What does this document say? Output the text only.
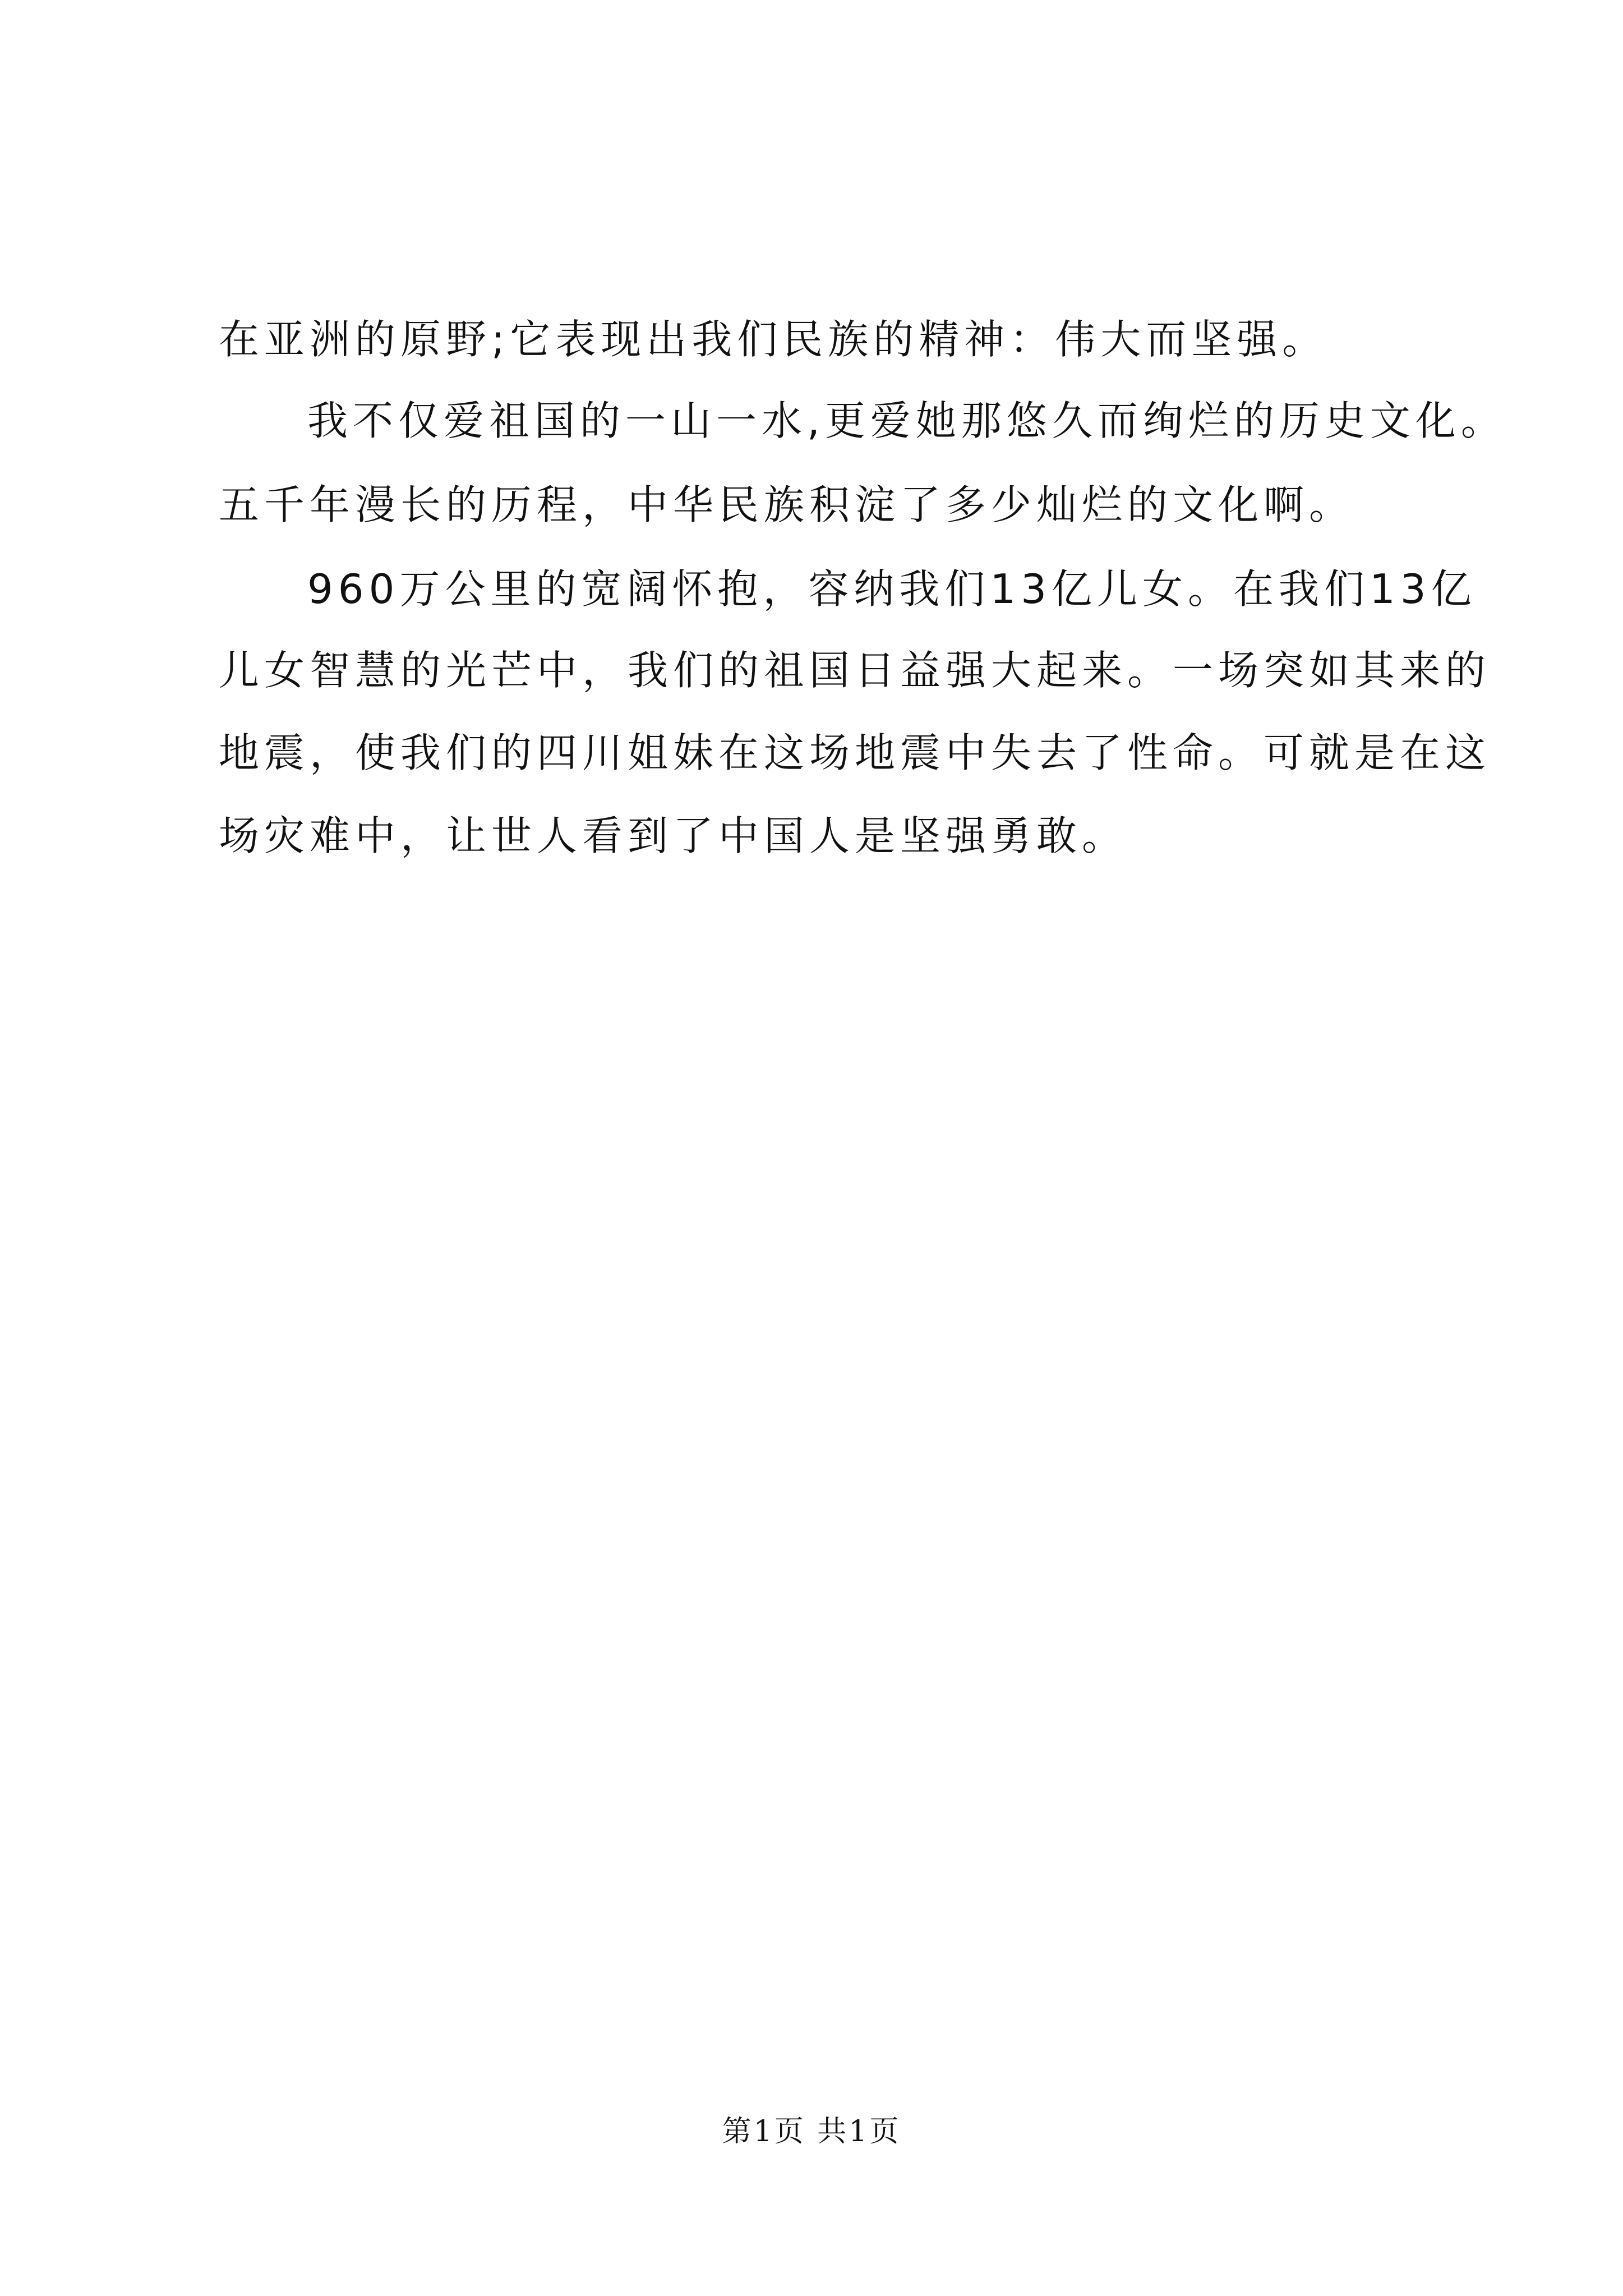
在亚洲的原野;它表现出我们民族的精神：伟大而坚强。
我不仅爱祖国的一山一水,更爱她那悠久而绚烂的历史文化。
五千年漫长的历程，中华民族积淀了多少灿烂的文化啊。
960万公里的宽阔怀抱，容纳我们13亿儿女。在我们13亿
儿女智慧的光芒中，我们的祖国日益强大起来。一场突如其来的
地震，使我们的四川姐妹在这场地震中失去了性命。可就是在这
场灾难中，让世人看到了中国人是坚强勇敢。
第1页 共1页
